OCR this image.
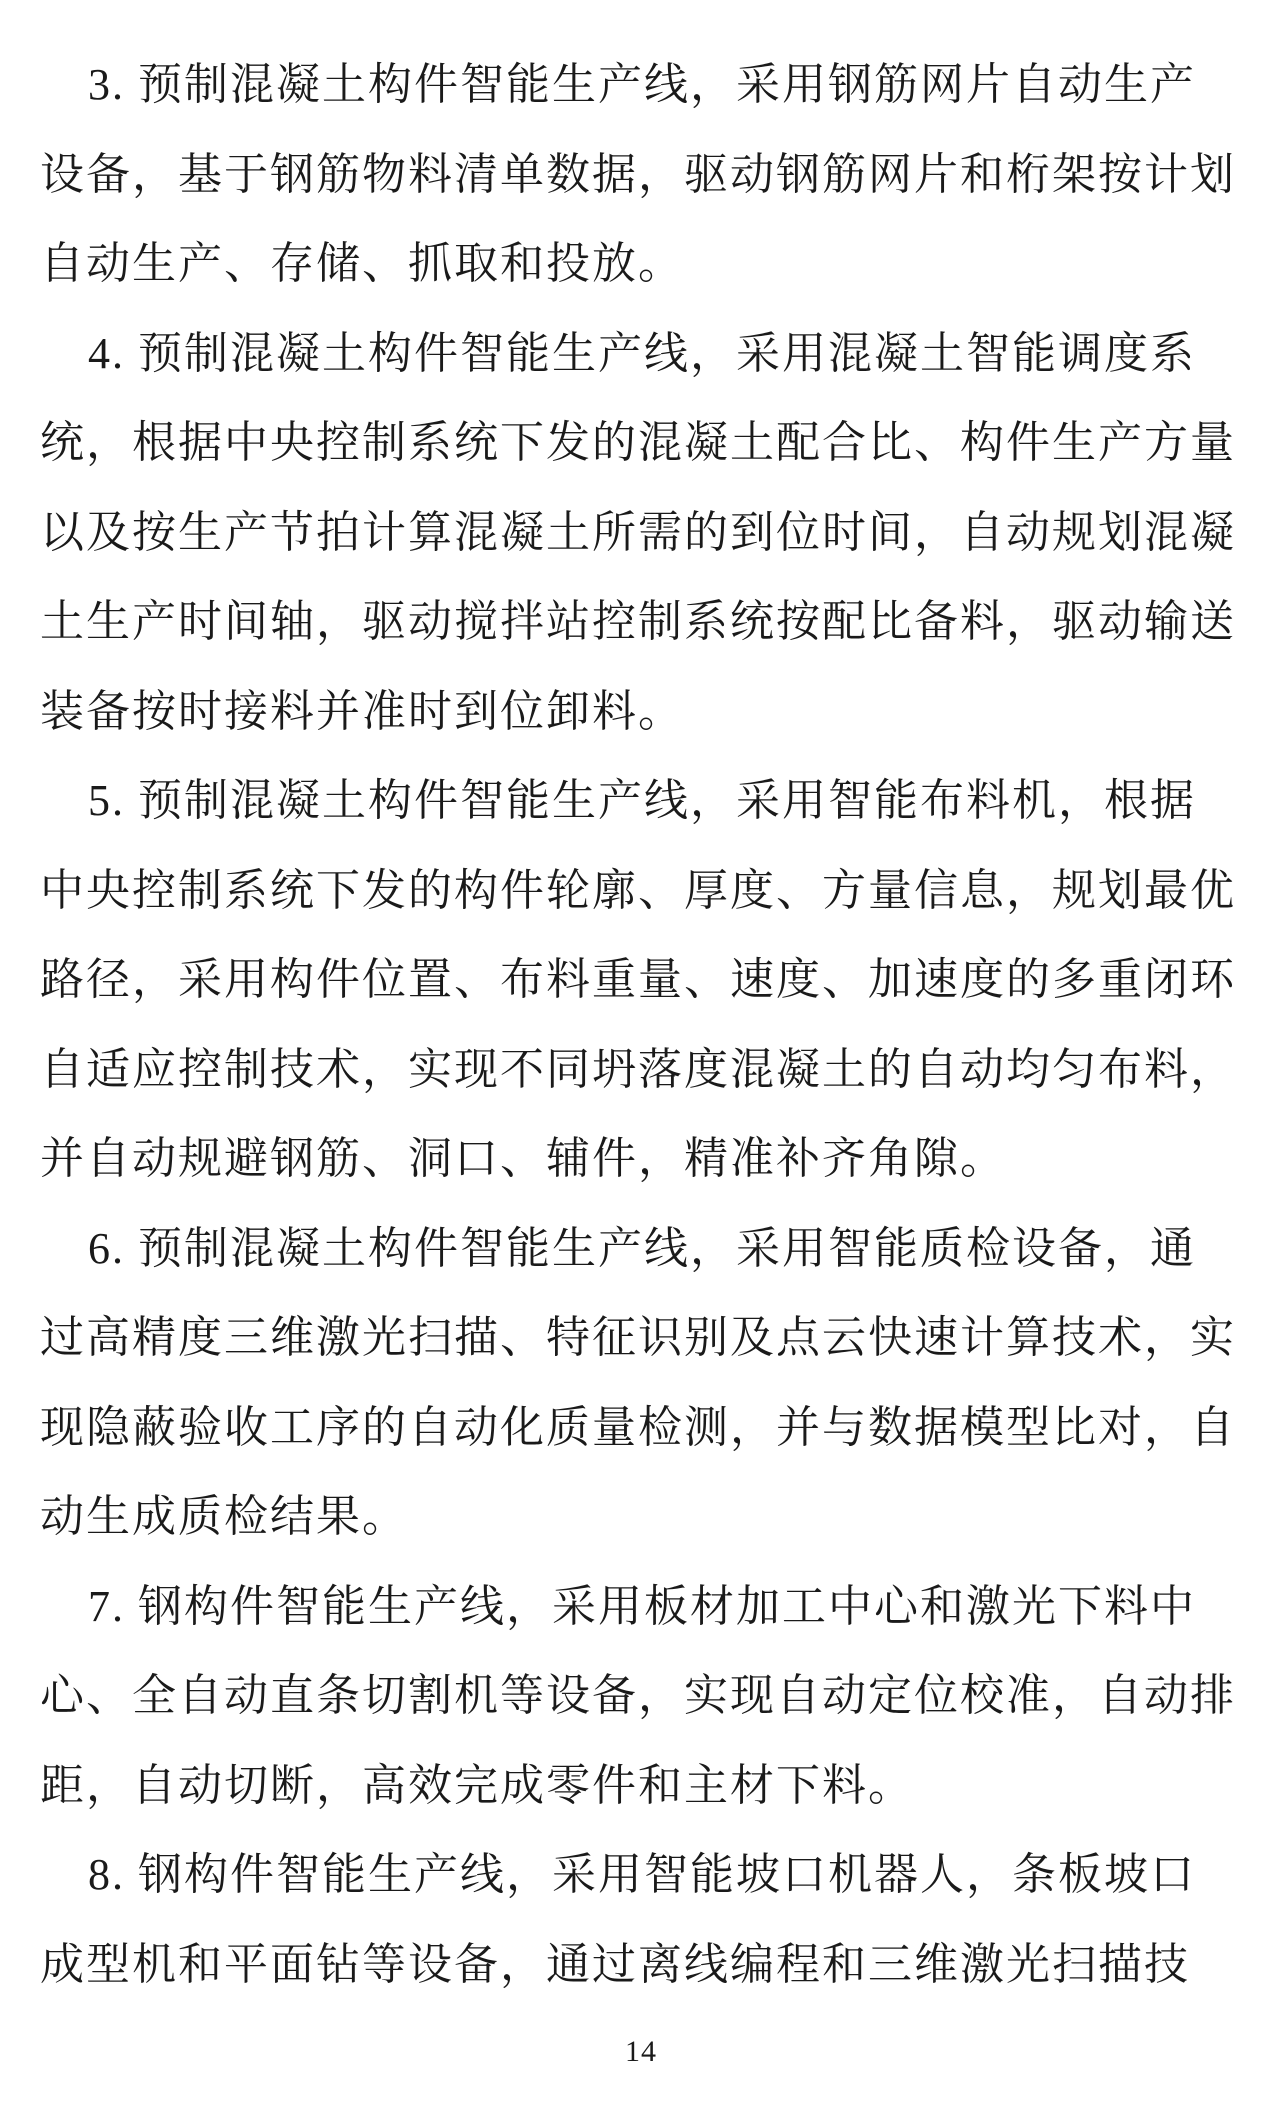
3. 预制混凝土构件智能生产线，采用钢筋网片自动生产
设备，基于钢筋物料清单数据，驱动钢筋网片和桁架按计划
自动生产、存储、抓取和投放。
4. 预制混凝土构件智能生产线，采用混凝土智能调度系
统，根据中央控制系统下发的混凝土配合比、构件生产方量
以及按生产节拍计算混凝土所需的到位时间，自动规划混凝
土生产时间轴，驱动搅拌站控制系统按配比备料，驱动输送
装备按时接料并准时到位卸料。
5. 预制混凝土构件智能生产线，采用智能布料机，根据
中央控制系统下发的构件轮廓、厚度、方量信息，规划最优
路径，采用构件位置、布料重量、速度、加速度的多重闭环
自适应控制技术，实现不同坍落度混凝土的自动均匀布料，
并自动规避钢筋、洞口、辅件，精准补齐角隙。
6. 预制混凝土构件智能生产线，采用智能质检设备，通
过高精度三维激光扫描、特征识别及点云快速计算技术，实
现隐蔽验收工序的自动化质量检测，并与数据模型比对，自
动生成质检结果。
7. 钢构件智能生产线，采用板材加工中心和激光下料中
心、全自动直条切割机等设备，实现自动定位校准，自动排
距，自动切断，高效完成零件和主材下料。
8. 钢构件智能生产线，采用智能坡口机器人，条板坡口
成型机和平面钻等设备，通过离线编程和三维激光扫描技
14
